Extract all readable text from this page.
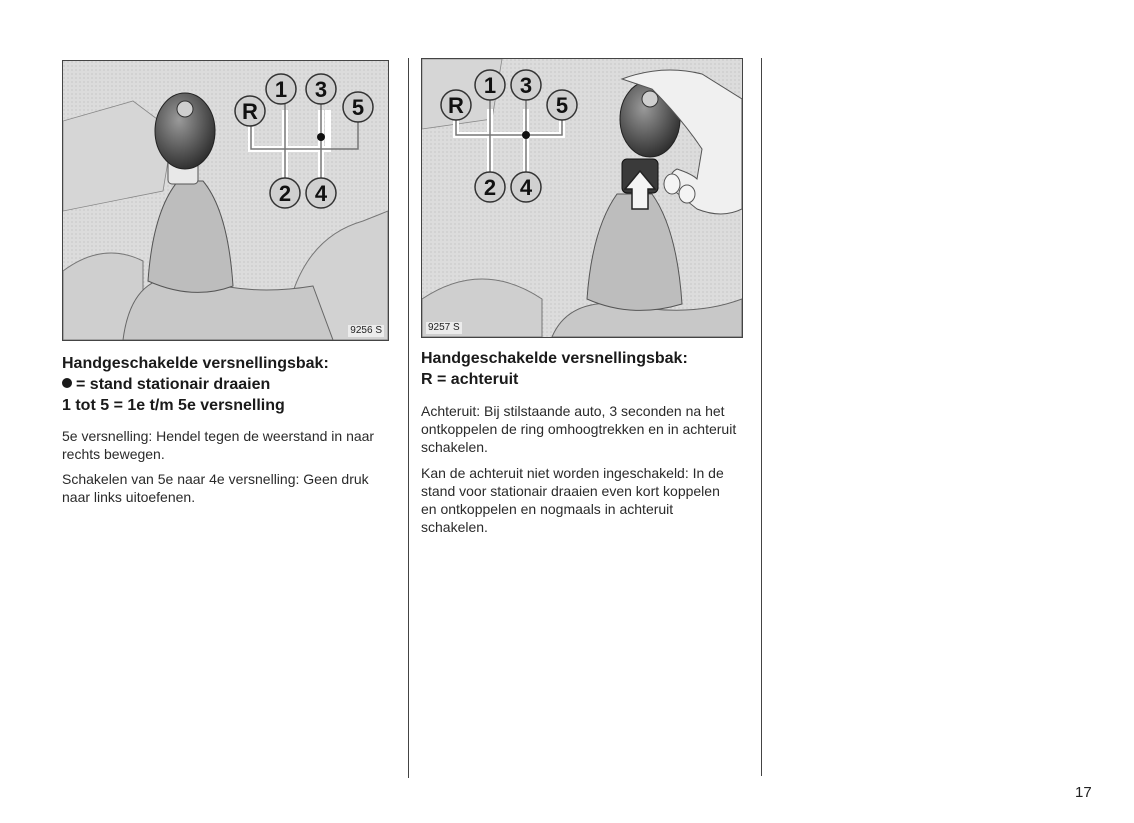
R
1 3
5
2 4
9256 S
R
1 3
5
2 4
9257 S

Handgeschakelde versnellingsbak:

= stand stationair draaien

1 tot 5 = 1e t/m 5e versnelling

5e versnelling: Hendel tegen de weerstand in naar rechts bewegen.

Schakelen van 5e naar 4e versnelling: Geen druk naar links uitoefenen.

Handgeschakelde versnellingsbak:

R = achteruit

Achteruit: Bij stilstaande auto, 3 seconden na het ontkoppelen de ring omhoogtrekken en in achteruit schakelen.

Kan de achteruit niet worden ingeschakeld: In de stand voor stationair draaien even kort koppelen en ontkoppelen en nogmaals in achteruit schakelen.

17
